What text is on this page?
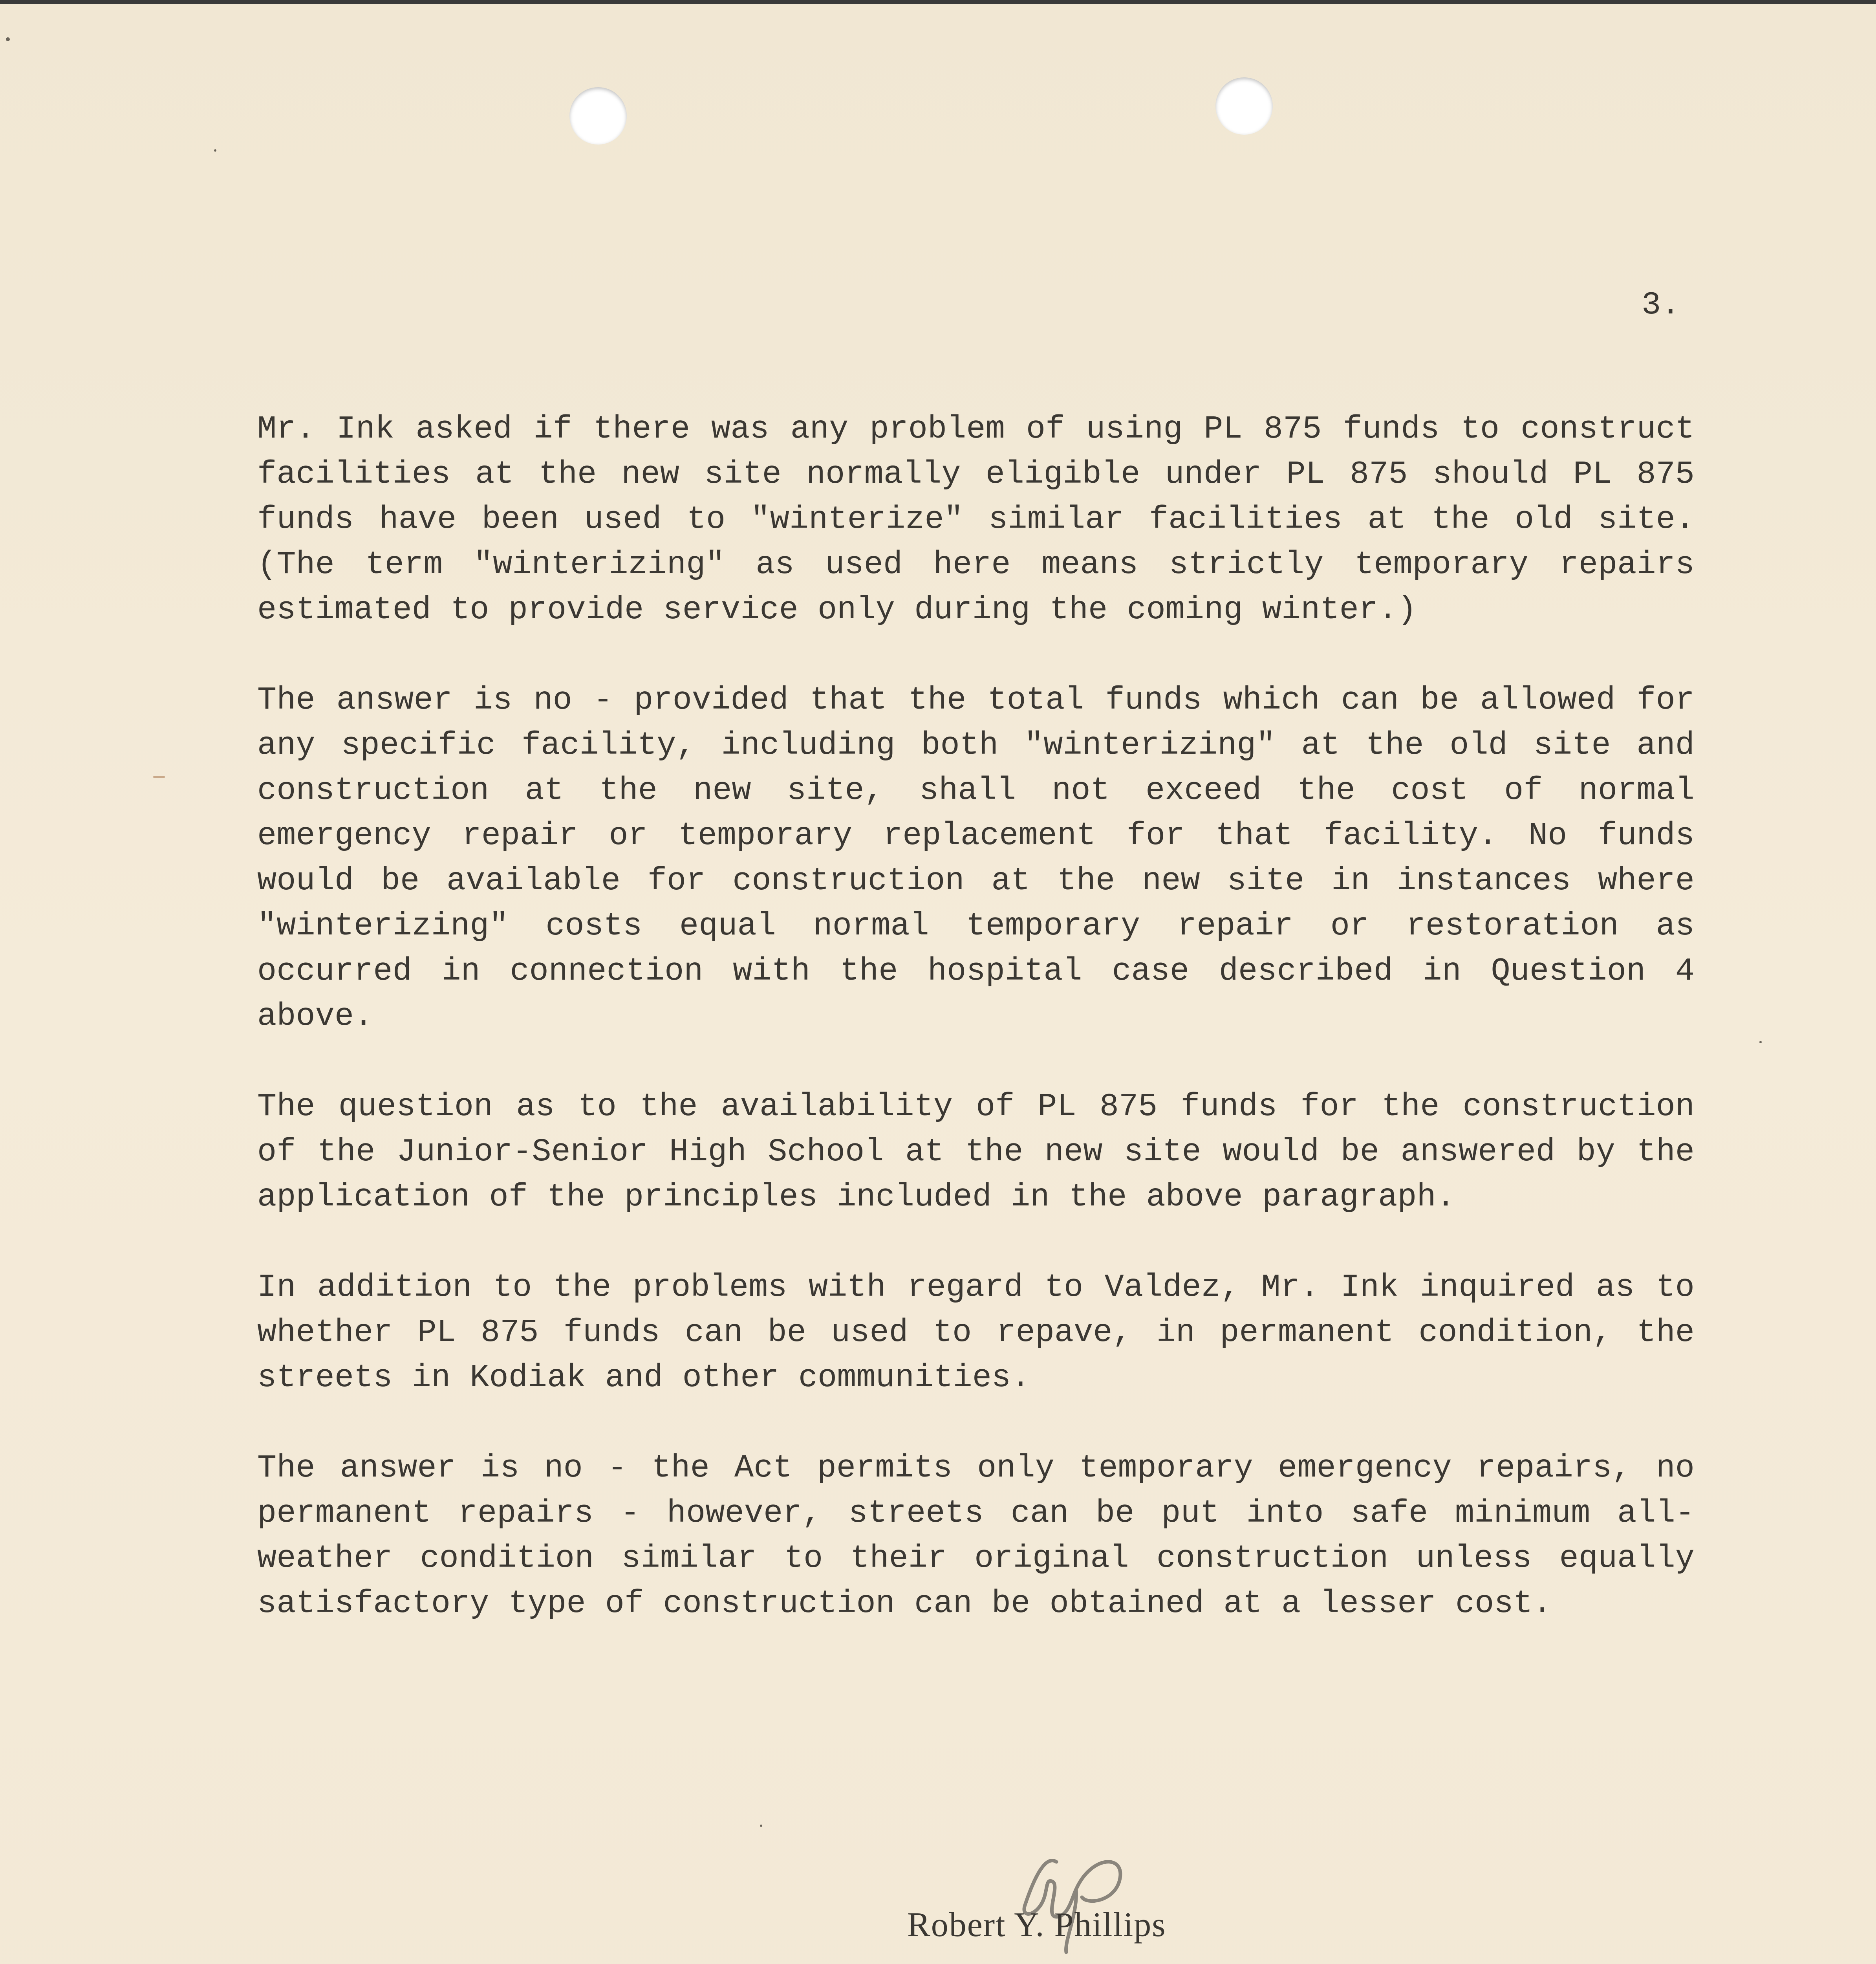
3.

Mr. Ink asked if there was any problem of using PL 875 funds to construct facilities at the new site normally eligible under PL 875 should PL 875 funds have been used to "winterize" similar facilities at the old site. (The term "winterizing" as used here means strictly temporary repairs estimated to provide service only during the coming winter.)

The answer is no - provided that the total funds which can be allowed for any specific facility, including both "winterizing" at the old site and construction at the new site, shall not exceed the cost of normal emergency repair or temporary replacement for that facility. No funds would be available for construction at the new site in instances where "winterizing" costs equal normal temporary repair or restoration as occurred in connection with the hospital case described in Question 4 above.

The question as to the availability of PL 875 funds for the construction of the Junior-Senior High School at the new site would be answered by the application of the principles included in the above paragraph.

In addition to the problems with regard to Valdez, Mr. Ink inquired as to whether PL 875 funds can be used to repave, in permanent condition, the streets in Kodiak and other communities.

The answer is no - the Act permits only temporary emergency repairs, no permanent repairs - however, streets can be put into safe minimum all-weather condition similar to their original construction unless equally satisfactory type of construction can be obtained at a lesser cost.

Robert Y. Phillips
